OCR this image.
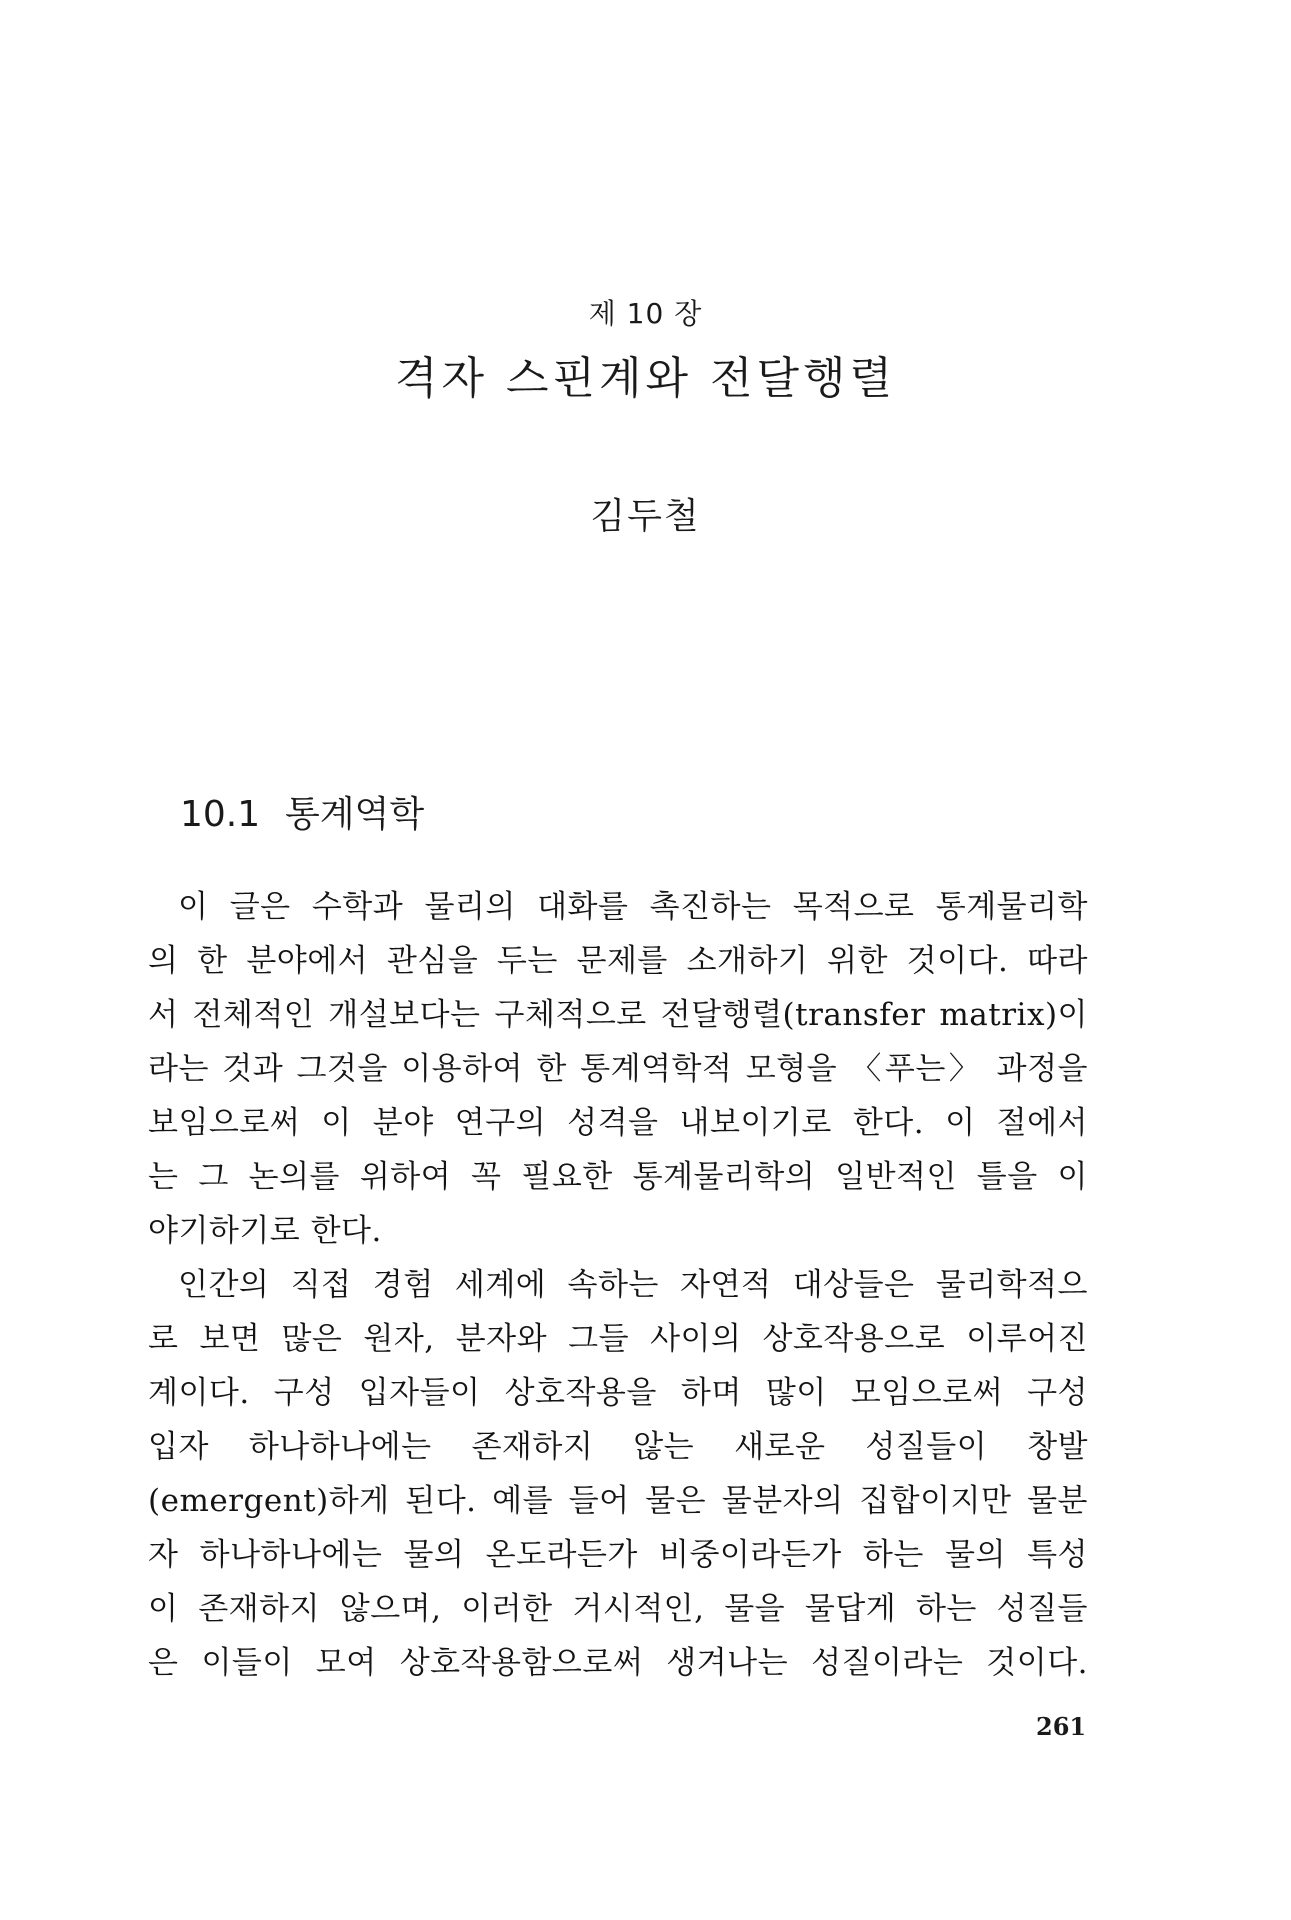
제 10 장
격자 스핀계와 전달행렬
김두철
10.1 통계역학
이 글은 수학과 물리의 대화를 촉진하는 목적으로 통계물리학
의 한 분야에서 관심을 두는 문제를 소개하기 위한 것이다. 따라
서 전체적인 개설보다는 구체적으로 전달행렬(transfer matrix)이
라는 것과 그것을 이용하여 한 통계역학적 모형을 〈푸는〉 과정을
보임으로써 이 분야 연구의 성격을 내보이기로 한다. 이 절에서
는 그 논의를 위하여 꼭 필요한 통계물리학의 일반적인 틀을 이
야기하기로 한다.
인간의 직접 경험 세계에 속하는 자연적 대상들은 물리학적으
로 보면 많은 원자, 분자와 그들 사이의 상호작용으로 이루어진
계이다. 구성 입자들이 상호작용을 하며 많이 모임으로써 구성
입자 하나하나에는 존재하지 않는 새로운 성질들이 창발
(emergent)하게 된다. 예를 들어 물은 물분자의 집합이지만 물분
자 하나하나에는 물의 온도라든가 비중이라든가 하는 물의 특성
이 존재하지 않으며, 이러한 거시적인, 물을 물답게 하는 성질들
은 이들이 모여 상호작용함으로써 생겨나는 성질이라는 것이다.
261
